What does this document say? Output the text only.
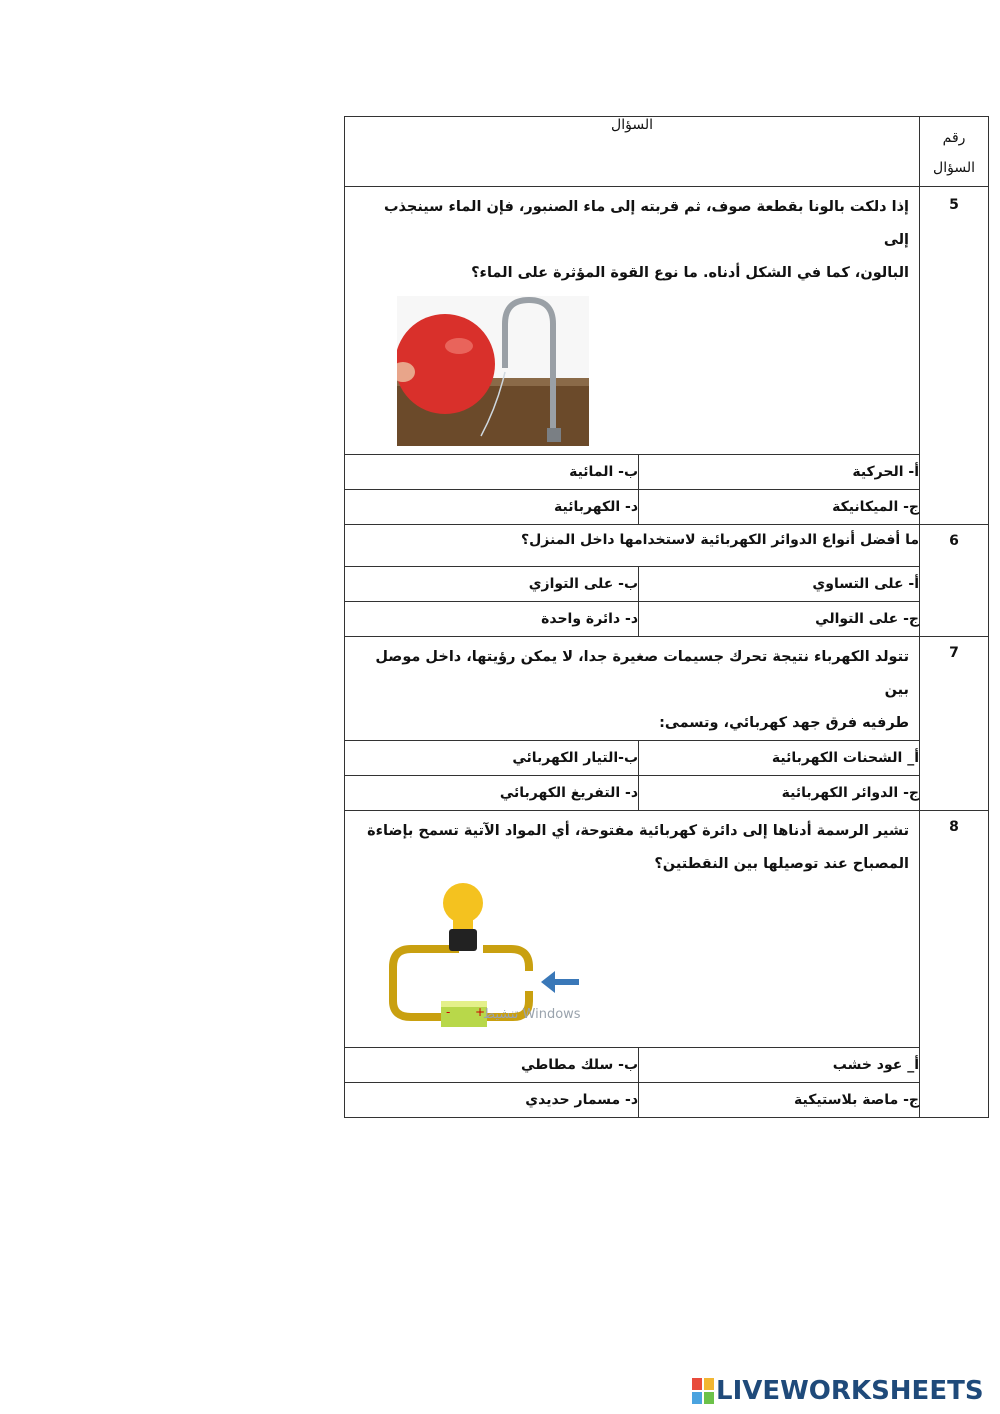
رقم
السؤال	السؤال	
5	إذا دلكت بالونا بقطعة صوف، ثم قربته إلى ماء الصنبور، فإن الماء سينجذب إلى
البالون، كما في الشكل أدناه. ما نوع القوة المؤثرة على الماء؟	

	أ- الحركية	ب- المائية
	ج- الميكانيكة	د- الكهربائية
6	ما أفضل أنواع الدوائر الكهربائية لاستخدامها داخل المنزل؟	
	أ- على التساوي	ب- على التوازي
	ج- على التوالي	د- دائرة واحدة
7	تتولد الكهرباء نتيجة تحرك جسيمات صغيرة جدا، لا يمكن رؤيتها، داخل موصل بين
طرفيه فرق جهد كهربائي، وتسمى:	

	أ_ الشحنات الكهربائية	ب-التيار الكهربائي
	ج- الدوائر الكهربائية	د- التفريغ الكهربائي
8	تشير الرسمة أدناها إلى دائرة كهربائية مفتوحة، أي المواد الآتية تسمح بإضاءة
المصباح عند توصيلها بين النقطتين؟
- +
تنشيط Windows	

	أ_ عود خشب	ب- سلك مطاطي
	ج- ماصة بلاستيكية	د- مسمار حديدي
LIVEWORKSHEETS
